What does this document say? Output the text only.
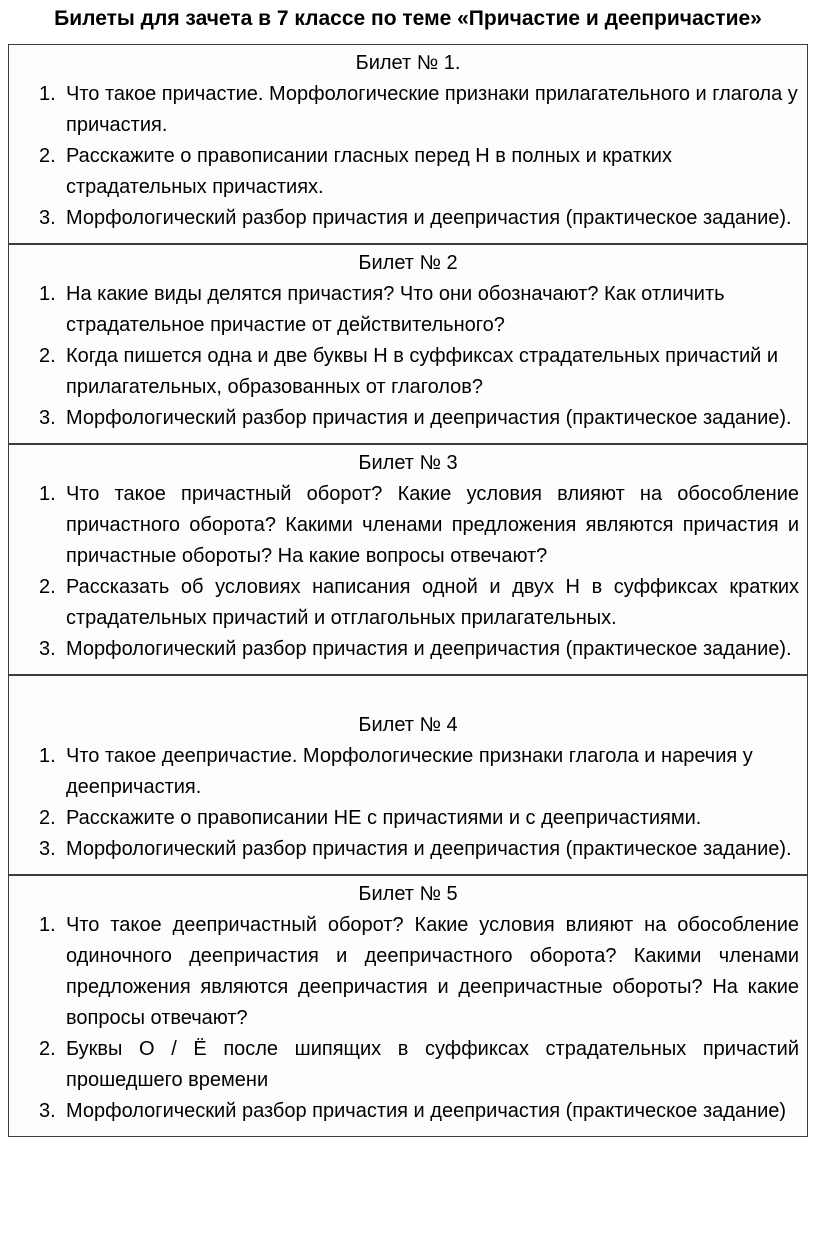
Билеты для зачета в 7 классе по теме «Причастие и деепричастие»
Билет № 1.
Что такое причастие. Морфологические признаки прилагательного и глагола у причастия.
Расскажите о правописании гласных перед Н в полных и кратких страдательных причастиях.
Морфологический разбор причастия и деепричастия (практическое задание).
Билет № 2
На какие виды делятся причастия? Что они обозначают? Как отличить страдательное причастие от действительного?
Когда пишется одна и две буквы Н в суффиксах страдательных причастий и прилагательных, образованных от глаголов?
Морфологический разбор причастия и деепричастия (практическое задание).
Билет № 3
Что такое причастный оборот? Какие условия влияют на обособление причастного оборота? Какими членами предложения являются причастия и причастные обороты? На какие вопросы отвечают?
Рассказать об условиях написания одной и двух Н в суффиксах кратких страдательных причастий и отглагольных прилагательных.
Морфологический разбор причастия и деепричастия (практическое задание).
Билет № 4
Что такое деепричастие. Морфологические признаки глагола и наречия у деепричастия.
Расскажите о правописании НЕ с причастиями и с деепричастиями.
Морфологический разбор причастия и деепричастия (практическое задание).
Билет № 5
Что такое деепричастный оборот? Какие условия влияют на обособление одиночного деепричастия и деепричастного оборота? Какими членами предложения являются деепричастия и деепричастные обороты? На какие вопросы отвечают?
Буквы О / Ё после шипящих в суффиксах страдательных причастий прошедшего времени
Морфологический разбор причастия и деепричастия (практическое задание)
